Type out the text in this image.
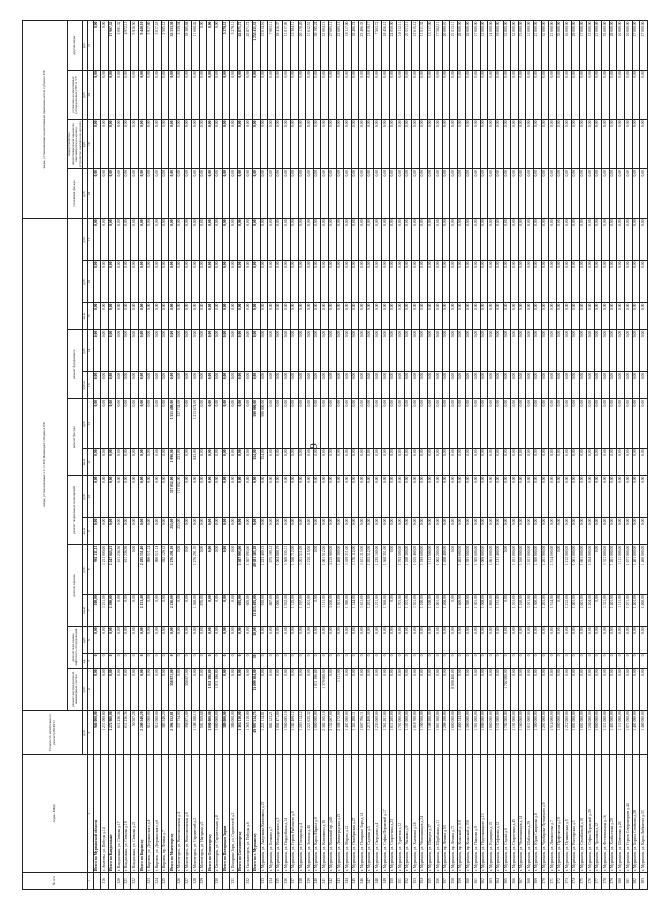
9
№ п/п	Адрес МКД	Стоимость капитального ремонта ВСЕГО	виды, установленные ч.1 ст.166 Жилищного Кодекса РФ														виды, установленные нормативным правовым актом субъекта РФ			
			ремонт внутридомовых инженерных систем	ремонт или замена лифтового оборудования		ремонт крыши		ремонт подвальных помещений		ремонт фасада		ремонт фундамента					утепление фасада	переустройство невентилируемой крыши на вентилируемую крышу, устройство выходов на кровлю	установка коллективных (общедомовых) ПУ и УУ	другие виды
		руб.	руб.	ед.	руб.	кв.м	руб.	кв.м	руб.	кв.м	руб.	куб.м	руб.	кв.м	руб.	руб.	руб.	руб.	руб.	руб.
1	2	3	4	5	6	7	8	9	10	11	12	13	14	15	16	17	18	19	20	21
	Итого по Мурманской области	946 000,00	0,00	0	0,00	100,00	961 211,11	0,00	0,00	0,00	0,00	0,00	0,00	0,00	0,00	0,00	0,00	0,00	0,00	0,00
316	г. Апатиты, ул. Победы д.14	1 211 000,00	0,00	0	0,00	1 211,00	1 211 000,00	0,00	0,00	0,00	0,00	0,00	0,00	0,00	0,00	0,00	0,00	0,00	0,00	0,00
	Итого по Кандалакше	1 272 980,00	0,00	0	0,00	1 390,00	1 247 043,21	0,00	0,00	0,00	0,00	0,00	0,00	0,00	0,00	0,00	0,00	0,00	0,00	17 907,32
320	г. Кандалакша, ул. Спекова д.17	611 236,36	0,00	0	0,00	0,00	611 236,36	0,00	0,00	0,00	0,00	0,00	0,00	0,00	0,00	0,00	0,00	0,00	0,00	3 091,32
321	г. Кандалакша, ул. Спекова д.19	611 236,36	0,00	0	0,00	0,00	611 236,36	0,00	0,00	0,00	0,00	0,00	0,00	0,00	0,00	0,00	0,00	0,00	0,00	4 972,11
322	г. Кандалакша, ул. Спекова д.21	50 507,28	0,00	0	0,00	0,00	0,00	0,00	0,00	0,00	0,00	0,00	0,00	0,00	0,00	0,00	0,00	0,00	0,00	5 916,50
	Итого по Кировску	2 209 340,20	0,00	0	0,00	1 151,40	2 185 151,40	0,00	0,00	0,00	0,00	0,00	0,00	0,00	0,00	0,00	0,00	0,00	0,00	9 440,10
323	г. Кировск, ул. Дзержинского д.4	912 000,00	0,00	0	0,00	0,00	896 511,14	0,00	0,00	0,00	0,00	0,00	0,00	0,00	0,00	0,00	0,00	0,00	0,00	3 917,80
324	г. Кировск, ул. Дзержинского д.6	912 000,00	0,00	0	0,00	0,00	896 511,14	0,00	0,00	0,00	0,00	0,00	0,00	0,00	0,00	0,00	0,00	0,00	0,00	3 017,18
325	г. Кировск, пр. Ленина д.7	385 340,20	0,00	0	0,00	0,00	392 129,12	0,00	0,00	0,00	0,00	0,00	0,00	0,00	0,00	0,00	0,00	0,00	0,00	2 505,12
	Итого по Мончегорску	2 396 152,81	358 871,00	0	0,00	2 236,00	1 276 291,10	253,00	117 052,00	1 096,00	1 551 408,00	0,00	0,00	0,00	0,00	0,00	0,00	0,00	0,00	33 333,30
326	г. Мончегорск, ул. Комсомольская д.4	337 734,00	0,00	0	0,00	0,00	0,00	253,00	117 052,00	253,00	337 734,00	0,00	0,00	0,00	0,00	0,00	0,00	0,00	0,00	3 339,04
327	г. Мончегорск, ул. Комсомольская д.6	358 871,00	358 871,00	0	0,00	0,00	0,00	0,00	0,00	0,00	0,00	0,00	0,00	0,00	0,00	0,00	0,00	0,00	0,00	18 385,84
328	г. Мончегорск, ул. Строителей д.2	1 108 188,13	0,00	0	0,00	1 360,00	1 276 291,10	0,00	0,00	843,00	1 213 674,00	0,00	0,00	0,00	0,00	0,00	0,00	0,00	0,00	11 608,42
329	г. Мончегорск, ул. Нагорная д.5	591 359,68	0,00	0	0,00	876,00	0,00	0,00	0,00	0,00	0,00	0,00	0,00	0,00	0,00	0,00	0,00	0,00	0,00	0,00
	Итого по Оленегорску	1 000 000,00	1 011 396,80	0	0,00	0,00	0,00	0,00	0,00	0,00	0,00	0,00	0,00	0,00	0,00	0,00	0,00	0,00	0,00	0,00
330	г. Оленегорск, ул. Строительная д.8	1 000 000,00	1 011 396,80	0	0,00	0,00	0,00	0,00	0,00	0,00	0,00	0,00	0,00	0,00	0,00	0,00	0,00	0,00	0,00	0,00
	Итого по Полярным Зорям	389 000,00	0,00	0	0,00	0,00	0,00	0,00	0,00	0,00	0,00	0,00	0,00	0,00	0,00	0,00	0,00	0,00	0,00	5 279,11
331	г. Полярные Зори, ул. Строителей д.3	389 000,00	0,00	0	0,00	0,00	0,00	0,00	0,00	0,00	0,00	0,00	0,00	0,00	0,00	0,00	0,00	0,00	0,00	5 279,11
	Итого по Снежногорску	1 365 110,00	0,00	0	0,00	605,00	1 307 093,00	0,00	0,00	0,00	0,00	0,00	0,00	0,00	0,00	0,00	0,00	0,00	0,00	43 871,72
332	г. Снежногорск, ул. Победы д.6	1 365 110,00	0,00	0	0,00	605,00	1 307 093,00	0,00	0,00	0,00	0,00	0,00	0,00	0,00	0,00	0,00	0,00	0,00	0,00	43 871,72
	Итого по г. Мурманску	49 997 514,75	13 099 304,00	30	30,00	13 815 405,00	49 381 383,18	0,00	0,00	354,00	590 000,00	0,00	0,00	0,00	0,00	0,00	0,00	0,00	0,00	1 255 411,31
333	г. Мурманск, ул. Академика Книповича д.15	1 221 114,81	0,00	0	0,00	910,00	1 223 400,13	0,00	0,00	354,00	590 000,00	0,00	0,00	0,00	0,00	0,00	0,00	0,00	0,00	13 614,16
334	г. Мурманск, ул. Бочкова д.7	882 123,21	0,00	0	0,00	887,00	875 199,12	0,00	0,00	0,00	0,00	0,00	0,00	0,00	0,00	0,00	0,00	0,00	0,00	7 903,11
335	г. Мурманск, ул. Володарского д.3	1 002 471,00	0,00	0	0,00	1 006,00	1 004 888,19	0,00	0,00	0,00	0,00	0,00	0,00	0,00	0,00	0,00	0,00	0,00	0,00	18 416,37
336	г. Мурманск, ул. Гвардейская д.14	1 560 695,10	0,00	0	0,00	1 552,00	1 569 335,11	0,00	0,00	0,00	0,00	0,00	0,00	0,00	0,00	0,00	0,00	0,00	0,00	11 017,05
337	г. Мурманск, ул. Героев Рыбачьего д.9	1 182 409,12	0,00	0	0,00	1 125,00	1 168 712,00	0,00	0,00	0,00	0,00	0,00	0,00	0,00	0,00	0,00	0,00	0,00	0,00	12 304,11
338	г. Мурманск, ул. Гончарова д.4	1 203 114,12	0,00	0	0,00	1 197,00	1 201 511,05	0,00	0,00	0,00	0,00	0,00	0,00	0,00	0,00	0,00	0,00	0,00	0,00	20 170,20
339	г. Мурманск, ул. Зеленая д.40	1 221 635,32	0,00	0	0,00	1 201,00	1 216 115,00	0,00	0,00	0,00	0,00	0,00	0,00	0,00	0,00	0,00	0,00	0,00	0,00	11 612,51
340	г. Мурманск, ул. Карла Маркса д.6	1 000 000,00	1 011 396,80	0	0,00	0,00	0,00	0,00	0,00	0,00	0,00	0,00	0,00	0,00	0,00	0,00	0,00	0,00	0,00	39 195,24
341	г. Мурманск, ул. Книповича д.35	2 382 165,10	1 379 608,00	0	0,00	1 111,00	1 001 512,00	0,00	0,00	0,00	0,00	0,00	0,00	0,00	0,00	0,00	0,00	0,00	0,00	12 004,13
342	г. Мурманск, ул. Кольский пр. д.60	3 152 007,00	0,00	0	0,00	3 200,00	3 215 900,00	0,00	0,00	0,00	0,00	0,00	0,00	0,00	0,00	0,00	0,00	0,00	0,00	27 605,11
343	г. Мурманск, ул. Ленинградская д.15	2 308 172,00	1 111,00	0	0,00	1 911,00	1 408 300,00	0,00	0,00	0,00	0,00	0,00	0,00	0,00	0,00	0,00	0,00	0,00	0,00	22 605,12
344	г. Мурманск, ул. Марата д.12	1 401 000,00	0,00	0	0,00	1 390,00	1 419 311,00	0,00	0,00	0,00	0,00	0,00	0,00	0,00	0,00	0,00	0,00	0,00	0,00	18 117,00
345	г. Мурманск, ул. Октябрьская д.27	1 161 200,11	0,00	0	0,00	1 144,00	1 176 112,00	0,00	0,00	0,00	0,00	0,00	0,00	0,00	0,00	0,00	0,00	0,00	0,00	18 406,74
346	г. Мурманск, ул. Полярные Зори д.14	1 607 706,11	0,00	0	0,00	1 611,00	1 611 313,00	0,00	0,00	0,00	0,00	0,00	0,00	0,00	0,00	0,00	0,00	0,00	0,00	23 406,33
347	г. Мурманск, ул. Садовая д.5	1 215 409,00	0,00	0	0,00	1 201,00	1 203 512,00	0,00	0,00	0,00	0,00	0,00	0,00	0,00	0,00	0,00	0,00	0,00	0,00	13 019,17
348	г. Мурманск, ул. Свердлова д.4	1 233 000,00	0,00	0	0,00	1 211,00	1 235 100,00	0,00	0,00	0,00	0,00	0,00	0,00	0,00	0,00	0,00	0,00	0,00	0,00	7 503,72
349	г. Мурманск, ул. Софьи Перовской д.17	1 361 201,00	0,00	0	0,00	1 360,00	1 368 351,00	0,00	0,00	0,00	0,00	0,00	0,00	0,00	0,00	0,00	0,00	0,00	0,00	18 456,12
350	г. Мурманск, ул. Старостина д.23	1 011 205,00	0,00	0	0,00	0,00	0,00	0,00	0,00	0,00	0,00	0,00	0,00	0,00	0,00	0,00	0,00	0,00	0,00	24 050,00
351	г. Мурманск, ул. Туристов д.12	1 701 000,00	0,00	0	0,00	1 701,00	1 703 500,00	0,00	0,00	0,00	0,00	0,00	0,00	0,00	0,00	0,00	0,00	0,00	0,00	10 112,11
352	г. Мурманск, ул. Ушакова д.9	1 101 000,00	0,00	0	0,00	1 101,00	1 108 300,00	0,00	0,00	0,00	0,00	0,00	0,00	0,00	0,00	0,00	0,00	0,00	0,00	21 011,11
353	г. Мурманск, ул. Халатина д.18	1 018 700,00	0,00	0	0,00	1 011,00	1 015 400,00	0,00	0,00	0,00	0,00	0,00	0,00	0,00	0,00	0,00	0,00	0,00	0,00	12 615,12
354	г. Мурманск, ул. Челюскинцев д.24	1 190 500,00	0,00	0	0,00	1 190,00	1 193 600,00	0,00	0,00	0,00	0,00	0,00	0,00	0,00	0,00	0,00	0,00	0,00	0,00	11 011,32
355	г. Мурманск, ул. Шмидта д.37	1 108 200,00	0,00	0	0,00	1 108,00	1 111 500,00	0,00	0,00	0,00	0,00	0,00	0,00	0,00	0,00	0,00	0,00	0,00	0,00	13 117,00
356	г. Мурманск, ул. Щербакова д.11	1 001 300,00	0,00	0	0,00	1 001,00	1 002 200,00	0,00	0,00	0,00	0,00	0,00	0,00	0,00	0,00	0,00	0,00	0,00	0,00	17 502,11
357	г. Мурманск, пр. Ленина д.53	1 208 100,00	0,00	0	0,00	1 208,00	1 208 400,00	0,00	0,00	0,00	0,00	0,00	0,00	0,00	0,00	0,00	0,00	0,00	0,00	20 000,01
358	г. Мурманск, пр. Ленина д.71	1 600 000,00	8 009 400,00	0	0,00	0,00	0,00	0,00	0,00	0,00	0,00	0,00	0,00	0,00	0,00	0,00	0,00	0,00	0,00	21 013,11
359	г. Мурманск, пр. Кольский д.118	1 400 144,00	0,00	0	0,00	1 400,00	1 403 600,00	0,00	0,00	0,00	0,00	0,00	0,00	0,00	0,00	0,00	0,00	0,00	0,00	28 000,00
360	г. Мурманск, пр. Кольский д.150	1 390 000,00	0,00	0	0,00	1 390,00	1 391 500,00	0,00	0,00	0,00	0,00	0,00	0,00	0,00	0,00	0,00	0,00	0,00	0,00	18 000,00
361	г. Мурманск, ул. Павлова д.9	1 301 000,00	0,00	0	0,00	1 301,00	1 305 600,00	0,00	0,00	0,00	0,00	0,00	0,00	0,00	0,00	0,00	0,00	0,00	0,00	17 000,00
362	г. Мурманск, ул. Подстаницкого д.13	1 008 000,00	0,00	0	0,00	1 008,00	1 009 000,00	0,00	0,00	0,00	0,00	0,00	0,00	0,00	0,00	0,00	0,00	0,00	0,00	12 000,00
363	г. Мурманск, ул. Радищева д.15	1 860 000,00	0,00	0	0,00	1 860,00	1 861 000,00	0,00	0,00	0,00	0,00	0,00	0,00	0,00	0,00	0,00	0,00	0,00	0,00	14 000,00
364	г. Мурманск, ул. Сафонова д.12	1 131 000,00	0,00	0	0,00	1 131,00	1 131 400,00	0,00	0,00	0,00	0,00	0,00	0,00	0,00	0,00	0,00	0,00	0,00	0,00	19 000,00
365	г. Мурманск, ул. Седова д.6	1 702 000,00	1 702 000,00	0	0,00	0,00	0,00	0,00	0,00	0,00	0,00	0,00	0,00	0,00	0,00	0,00	0,00	0,00	0,00	31 000,00
366	г. Мурманск, ул. Старостина д.45	1 101 000,00	0,00	0	0,00	1 101,00	1 101 000,00	0,00	0,00	0,00	0,00	0,00	0,00	0,00	0,00	0,00	0,00	0,00	0,00	12 000,00
367	г. Мурманск, ул. Челюскинцев д.14	1 160 000,00	0,00	0	0,00	1 160,00	1 160 000,00	0,00	0,00	0,00	0,00	0,00	0,00	0,00	0,00	0,00	0,00	0,00	0,00	15 000,00
368	г. Мурманск, ул. Шабалина д.29	1 011 000,00	0,00	0	0,00	1 011,00	1 011 000,00	0,00	0,00	0,00	0,00	0,00	0,00	0,00	0,00	0,00	0,00	0,00	0,00	11 000,00
369	г. Мурманск, ул. Юрия Смирнова д.8	1 300 000,00	0,00	0	0,00	1 300,00	1 300 000,00	0,00	0,00	0,00	0,00	0,00	0,00	0,00	0,00	0,00	0,00	0,00	0,00	21 000,00
370	г. Мурманск, ул. Чумбарова-Лучинского д.9	1 201 000,00	0,00	0	0,00	1 201,00	1 201 000,00	0,00	0,00	0,00	0,00	0,00	0,00	0,00	0,00	0,00	0,00	0,00	0,00	31 000,00
371	г. Мурманск, ул. Ломоносова д.7	1 514 000,00	0,00	0	0,00	1 514,00	1 514 000,00	0,00	0,00	0,00	0,00	0,00	0,00	0,00	0,00	0,00	0,00	0,00	0,00	21 000,00
372	г. Мурманск, ул. Профсоюзов д.19	1 000 000,00	0,00	0	0,00	0,00	0,00	0,00	0,00	0,00	0,00	0,00	0,00	0,00	0,00	0,00	0,00	0,00	0,00	35 000,00
373	г. Мурманск, ул. Пушкинская д.5	1 212 000,00	0,00	0	0,00	1 212,00	1 212 000,00	0,00	0,00	0,00	0,00	0,00	0,00	0,00	0,00	0,00	0,00	0,00	0,00	16 000,00
374	г. Мурманск, ул. Рогозерская д.3	1 001 000,00	0,00	0	0,00	1 001,00	1 001 000,00	0,00	0,00	0,00	0,00	0,00	0,00	0,00	0,00	0,00	0,00	0,00	0,00	29 000,00
375	г. Мурманск, ул. Самойловой д.10	1 601 000,00	0,00	0	0,00	1 601,00	1 601 000,00	0,00	0,00	0,00	0,00	0,00	0,00	0,00	0,00	0,00	0,00	0,00	0,00	17 000,00
376	г. Мурманск, ул. Софьи Перовской д.29	1 204 000,00	0,00	0	0,00	1 204,00	1 204 000,00	0,00	0,00	0,00	0,00	0,00	0,00	0,00	0,00	0,00	0,00	0,00	0,00	13 000,00
377	г. Мурманск, ул. Траловая д.12	1 000 000,00	0,00	0	0,00	0,00	0,00	0,00	0,00	0,00	0,00	0,00	0,00	0,00	0,00	0,00	0,00	0,00	0,00	21 000,00
378	г. Мурманск, ул. Фестивальная д.16	1 311 000,00	0,00	0	0,00	1 311,00	1 311 000,00	0,00	0,00	0,00	0,00	0,00	0,00	0,00	0,00	0,00	0,00	0,00	0,00	33 000,00
379	г. Мурманск, ул. Хлобыстова д.20	1 401 000,00	0,00	0	0,00	1 401,00	1 401 000,00	0,00	0,00	0,00	0,00	0,00	0,00	0,00	0,00	0,00	0,00	0,00	0,00	28 000,00
380	г. Мурманск, ул. Шевченко д.26	1 111 000,00	0,00	0	0,00	1 111,00	1 111 000,00	0,00	0,00	0,00	0,00	0,00	0,00	0,00	0,00	0,00	0,00	0,00	0,00	16 000,00
381	г. Мурманск, ул. Героев Североморцев д.44	1 071 000,00	0,00	0	0,00	1 071,00	1 071 000,00	0,00	0,00	0,00	0,00	0,00	0,00	0,00	0,00	0,00	0,00	0,00	0,00	10 000,00
382	г. Мурманск, ул. Бориса Семёнова д.28	1 401 000,00	0,00	0	0,00	1 401,00	1 401 000,00	0,00	0,00	0,00	0,00	0,00	0,00	0,00	0,00	0,00	0,00	0,00	0,00	27 000,00
383	г. Мурманск, ул. Карла Либкнехта д.33	1 400 000,00	0,00	0	0,00	1 400,00	1 400 000,00	0,00	0,00	0,00	0,00	0,00	0,00	0,00	0,00	0,00	0,00	0,00	0,00	27 000,00
